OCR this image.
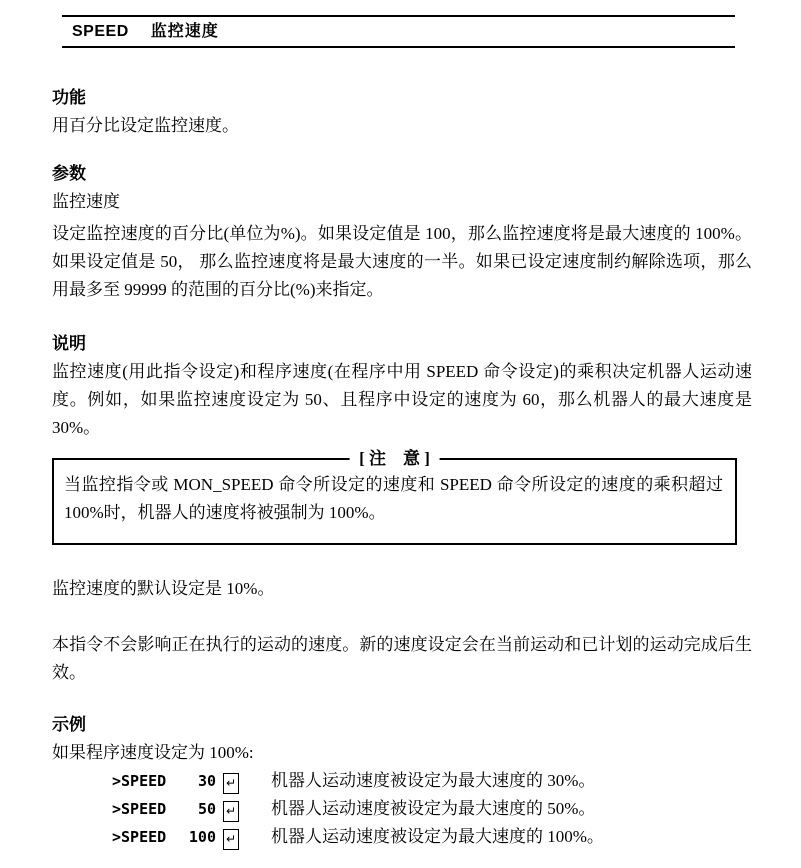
SPEED 监控速度
功能

用百分比设定监控速度。

参数

监控速度

设定监控速度的百分比(单位为%)。如果设定值是 100，那么监控速度将是最大速度的 100%。如果设定值是 50， 那么监控速度将是最大速度的一半。如果已设定速度制约解除选项，那么用最多至 99999 的范围的百分比(%)来指定。

说明

监控速度(用此指令设定)和程序速度(在程序中用 SPEED 命令设定)的乘积决定机器人运动速度。例如，如果监控速度设定为 50、且程序中设定的速度为 60，那么机器人的最大速度是 30%。

[ 注　意 ]

当监控指令或 MON_SPEED 命令所设定的速度和 SPEED 命令所设定的速度的乘积超过 100%时，机器人的速度将被强制为 100%。

监控速度的默认设定是 10%。

本指令不会影响正在执行的运动的速度。新的速度设定会在当前运动和已计划的运动完成后生效。

示例

如果程序速度设定为 100%:

>SPEED	30 ↵ 机器人运动速度被设定为最大速度的 30%。
>SPEED	50 ↵ 机器人运动速度被设定为最大速度的 50%。
>SPEED	100 ↵ 机器人运动速度被设定为最大速度的 100%。
